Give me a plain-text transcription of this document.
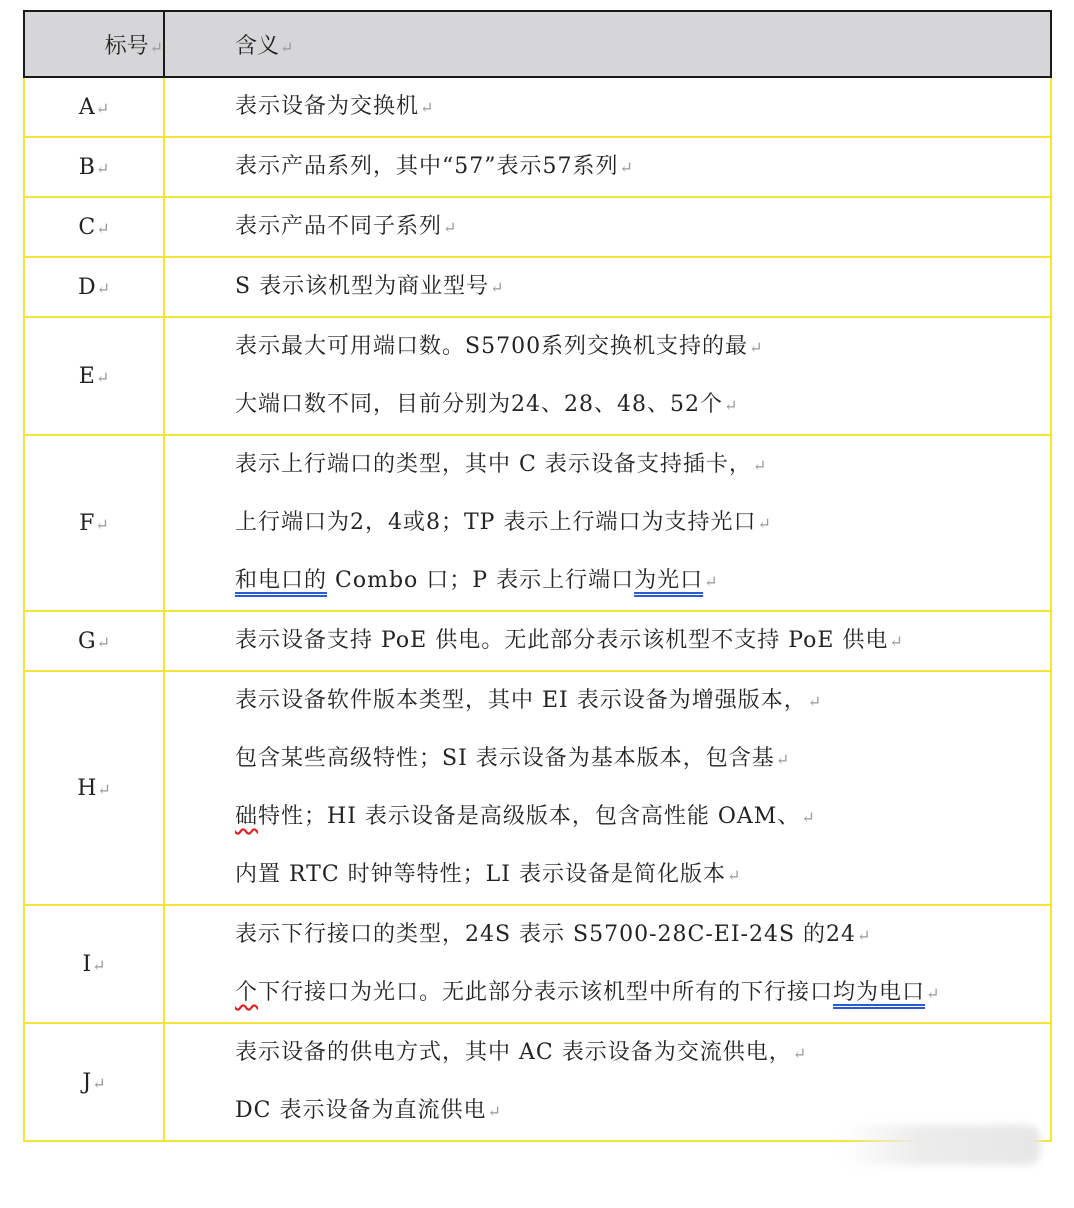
标号 ↵	含义 ↵
A ↵	表示设备为交换机 ↵

B ↵	表示产品系列，其中“57”表示57系列 ↵

C ↵	表示产品不同子系列 ↵

D ↵	S 表示该机型为商业型号 ↵

E ↵	表示最大可用端口数。S5700系列交换机支持的最 ↵
大端口数不同，目前分别为24、28、48、52个 ↵

F ↵	表示上行端口的类型，其中 C 表示设备支持插卡， ↵
上行端口为2，4或8；TP 表示上行端口为支持光口 ↵
和电口的 Combo 口；P 表示上行端口为光口 ↵

G ↵	表示设备支持 PoE 供电。无此部分表示该机型不支持 PoE 供电 ↵

H ↵	表示设备软件版本类型，其中 EI 表示设备为增强版本， ↵
包含某些高级特性；SI 表示设备为基本版本，包含基 ↵
础特性；HI 表示设备是高级版本，包含高性能 OAM、 ↵
内置 RTC 时钟等特性；LI 表示设备是简化版本 ↵

I ↵	表示下行接口的类型，24S 表示 S5700-28C-EI-24S 的24 ↵
个下行接口为光口。无此部分表示该机型中所有的下行接口均为电口 ↵

J ↵	表示设备的供电方式，其中 AC 表示设备为交流供电， ↵
DC 表示设备为直流供电 ↵
